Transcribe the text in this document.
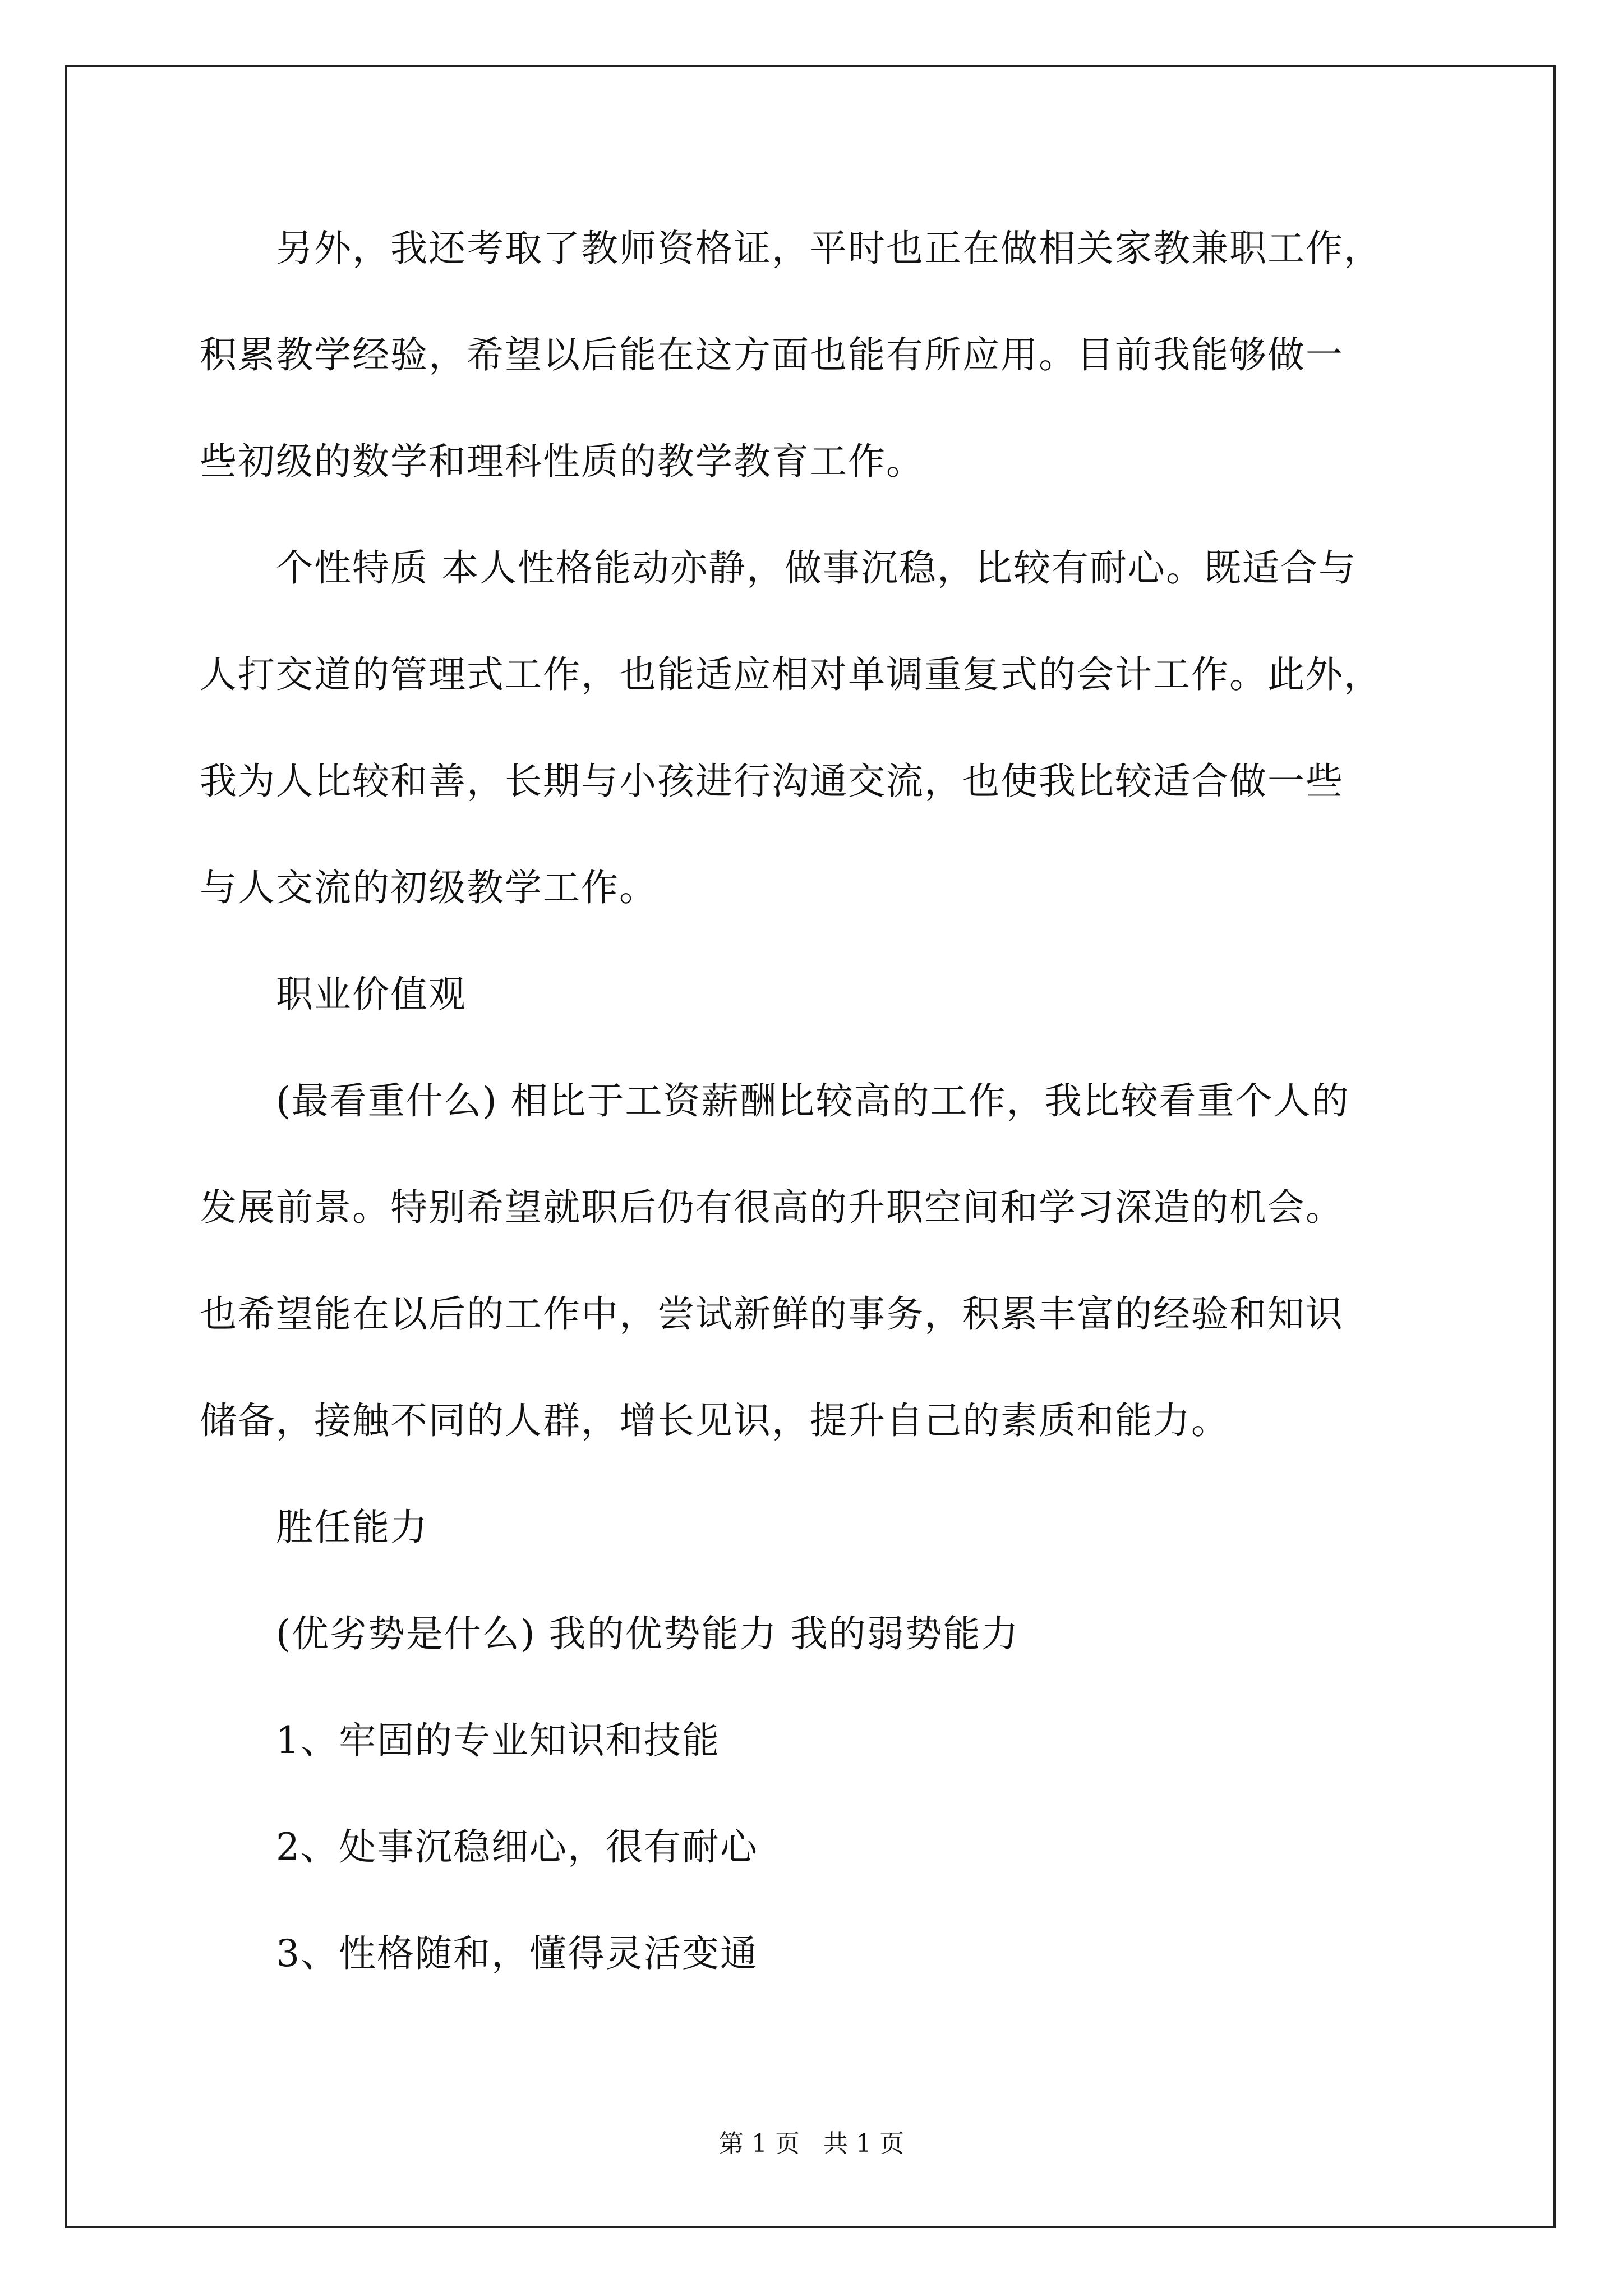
　　另外，我还考取了教师资格证，平时也正在做相关家教兼职工作，
积累教学经验，希望以后能在这方面也能有所应用。目前我能够做一
些初级的数学和理科性质的教学教育工作。
　　个性特质 本人性格能动亦静，做事沉稳，比较有耐心。既适合与
人打交道的管理式工作，也能适应相对单调重复式的会计工作。此外，
我为人比较和善，长期与小孩进行沟通交流，也使我比较适合做一些
与人交流的初级教学工作。
　　职业价值观
　　(最看重什么) 相比于工资薪酬比较高的工作，我比较看重个人的
发展前景。特别希望就职后仍有很高的升职空间和学习深造的机会。
也希望能在以后的工作中，尝试新鲜的事务，积累丰富的经验和知识
储备，接触不同的人群，增长见识，提升自己的素质和能力。
　　胜任能力
　　(优劣势是什么) 我的优势能力 我的弱势能力
　　1、牢固的专业知识和技能
　　2、处事沉稳细心，很有耐心
　　3、性格随和，懂得灵活变通
第 1 页   共 1 页
